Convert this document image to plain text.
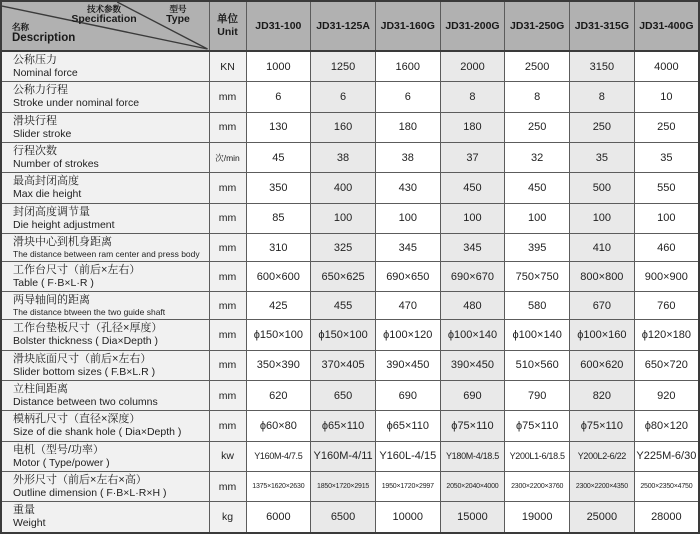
技术参数
Specification
型号
Type
名称
Description
	单位
Unit	JD31-100	JD31-125A	JD31-160G	JD31-200G	JD31-250G	JD31-315G	JD31-400G

公称压力
Nominal force	KN	1000	1250	1600	2000	2500	3150	4000

公称力行程
Stroke under nominal force	mm	6	6	6	8	8	8	10

滑块行程
Slider stroke	mm	130	160	180	180	250	250	250

行程次数
Number of strokes	次/min	45	38	38	37	32	35	35

最高封闭高度
Max die height	mm	350	400	430	450	450	500	550

封闭高度调节量
Die height adjustment	mm	85	100	100	100	100	100	100

滑块中心到机身距离
The distance between ram center and press body	mm	310	325	345	345	395	410	460

工作台尺寸（前后×左右）
Table ( F·B×L·R )	mm	600×600	650×625	690×650	690×670	750×750	800×800	900×900

两导轴间的距离
The distance btween the two guide shaft	mm	425	455	470	480	580	670	760

工作台垫板尺寸（孔径×厚度）
Bolster thickness ( Dia×Depth )	mm	ϕ150×100	ϕ150×100	ϕ100×120	ϕ100×140	ϕ100×140	ϕ100×160	ϕ120×180

滑块底面尺寸（前后×左右）
Slider bottom sizes ( F.B×L.R )	mm	350×390	370×405	390×450	390×450	510×560	600×620	650×720

立柱间距离
Distance between two columns	mm	620	650	690	690	790	820	920

模柄孔尺寸（直径×深度）
Size of die shank hole ( Dia×Depth )	mm	ϕ60×80	ϕ65×110	ϕ65×110	ϕ75×110	ϕ75×110	ϕ75×110	ϕ80×120

电机（型号/功率）
Motor ( Type/power )	kw	Y160M-4/7.5	Y160M-4/11	Y160L-4/15	Y180M-4/18.5	Y200L1-6/18.5	Y200L2-6/22	Y225M-6/30

外形尺寸（前后×左右×高）
Outline dimension ( F·B×L·R×H )	mm	1375×1620×2630	1850×1720×2915	1950×1720×2997	2050×2040×4000	2300×2200×3760	2300×2200×4350	2500×2350×4750

重量
Weight	kg	6000	6500	10000	15000	19000	25000	28000
